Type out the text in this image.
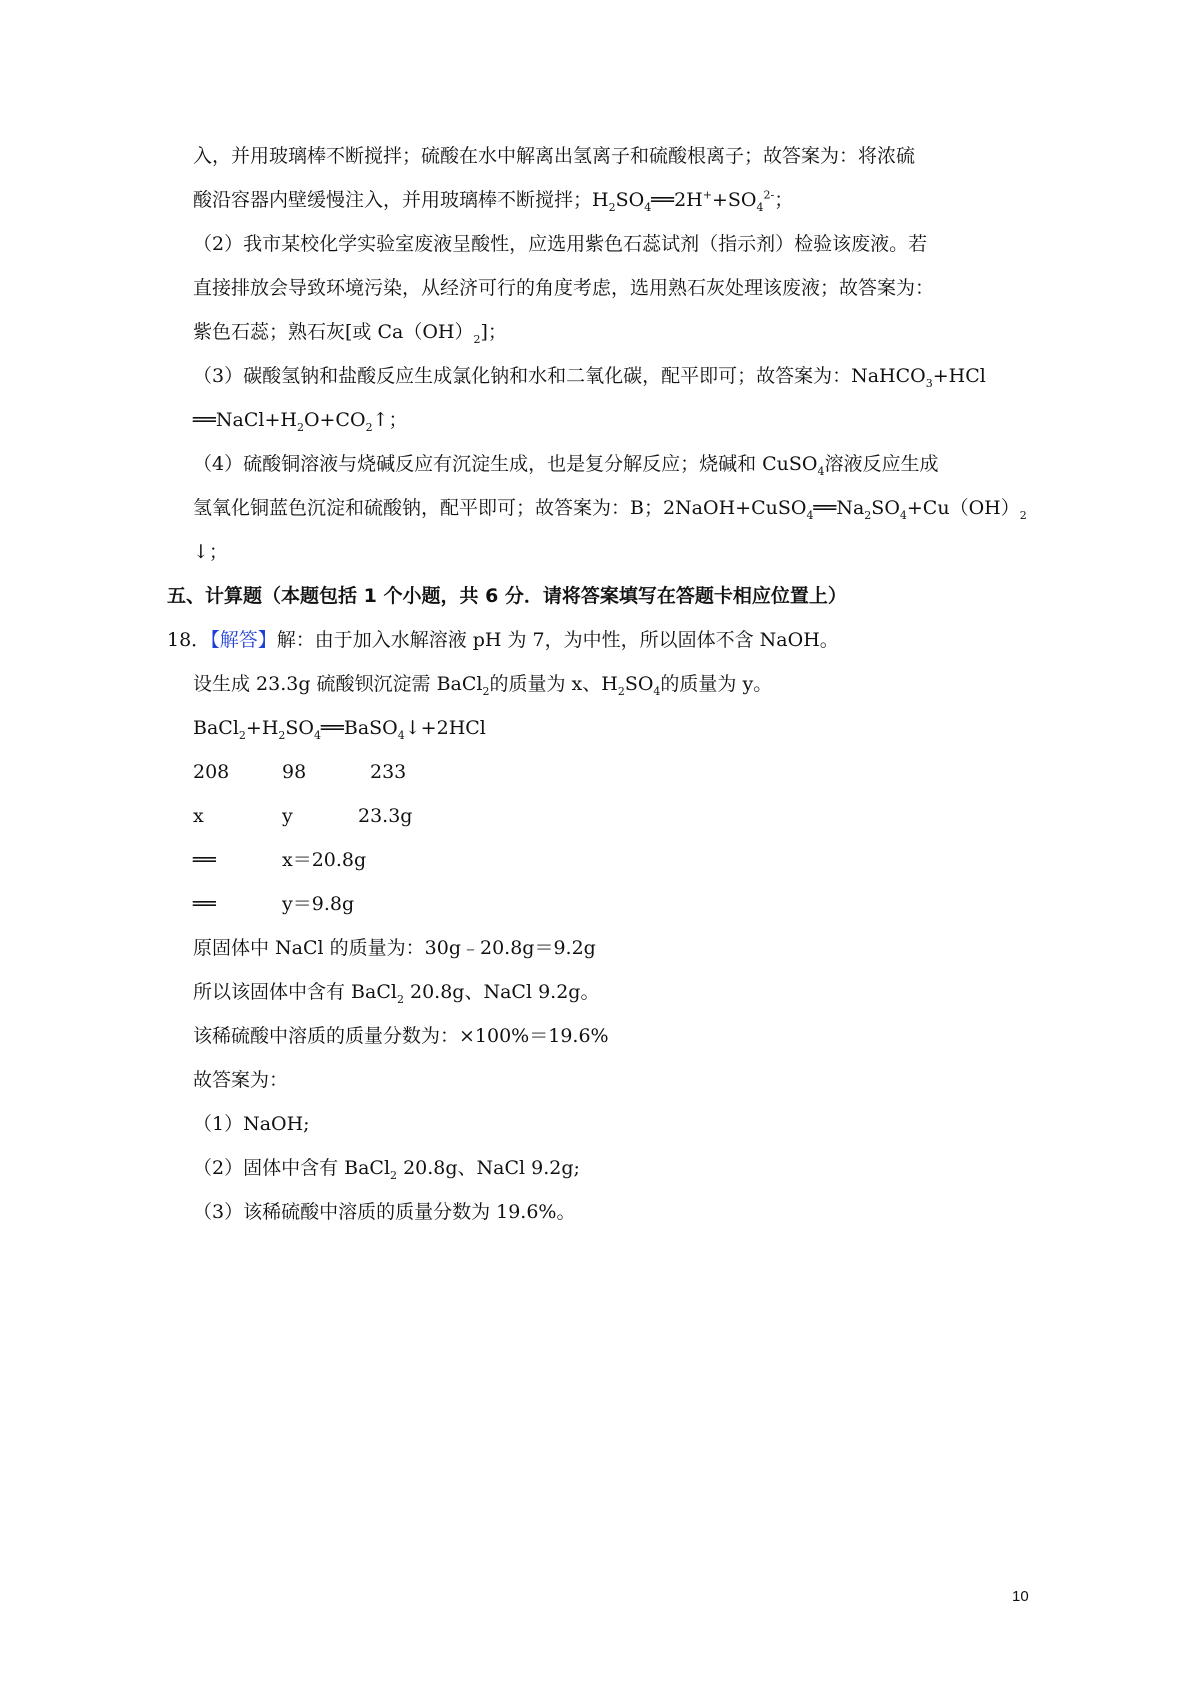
入，并用玻璃棒不断搅拌；硫酸在水中解离出氢离子和硫酸根离子；故答案为：将浓硫
酸沿容器内壁缓慢注入，并用玻璃棒不断搅拌；$H_2SO_4══2H^++SO_4^{2-}$；
（2）我市某校化学实验室废液呈酸性，应选用紫色石蕊试剂（指示剂）检验该废液。若
直接排放会导致环境污染，从经济可行的角度考虑，选用熟石灰处理该废液；故答案为：
紫色石蕊；熟石灰[或 $Ca(OH)_2$]；
（3）碳酸氢钠和盐酸反应生成氯化钠和水和二氧化碳，配平即可；故答案为：NaHCO$_3$+HCl
$══NaCl+H_2O+CO_2↑$；
（4）硫酸铜溶液与烧碱反应有沉淀生成，也是复分解反应；烧碱和 CuSO$_4$溶液反应生成
氢氧化铜蓝色沉淀和硫酸钠，配平即可；故答案为：B；$2NaOH+CuSO_4══Na_2SO_4+Cu(OH)_2$
↓；
五、计算题（本题包括 1 个小题，共 6 分．请将答案填写在答题卡相应位置上）
18．【解答】解：由于加入水解溶液 pH 为 7，为中性，所以固体不含 NaOH。
设生成 23.3g 硫酸钡沉淀需 BaCl$_2$的质量为 x、$H_2SO_4$的质量为 y。
$BaCl_2+H_2SO_4══BaSO_4↓+2HCl$
208	98	233
x	y	23.3g
══	x＝20.8g
══	y＝9.8g
原固体中 NaCl 的质量为：30g﹣20.8g＝9.2g
所以该固体中含有 BaCl$_2$ 20.8g、NaCl 9.2g。
该稀硫酸中溶质的质量分数为：×100%＝19.6%
故答案为：
（1）NaOH;
（2）固体中含有 BaCl$_2$ 20.8g、NaCl 9.2g;
（3）该稀硫酸中溶质的质量分数为 19.6%。
10
